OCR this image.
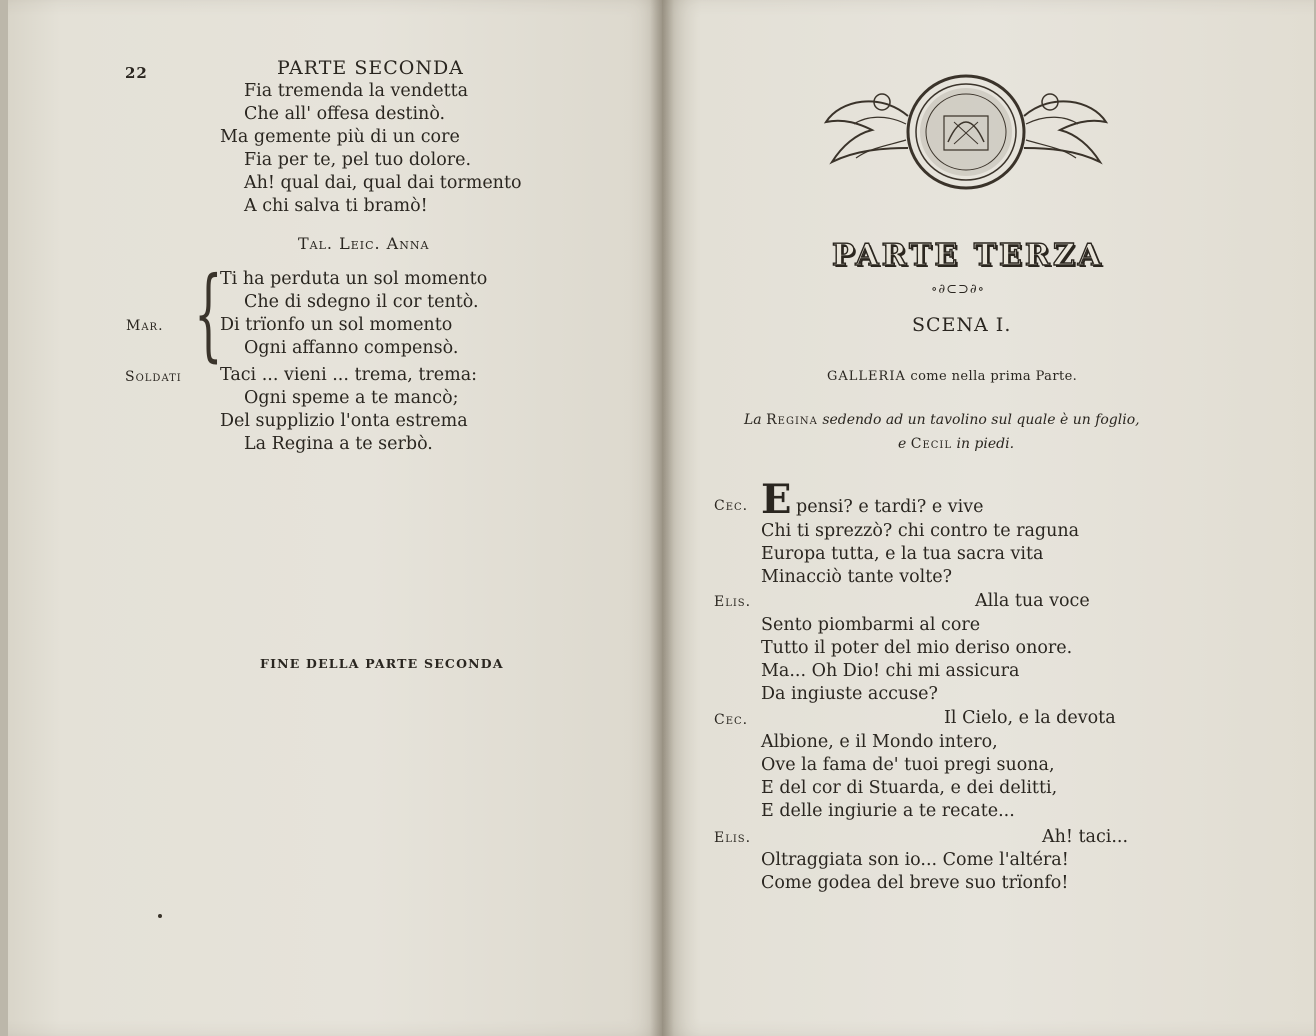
22	PARTE SECONDA
Fia tremenda la vendetta
Che all' offesa destinò.
Ma gemente più di un core
Fia per te, pel tuo dolore.
Ah! qual dai, qual dai tormento
A chi salva ti bramò!
Tal. Leic. Anna
{
Mar.
Ti ha perduta un sol momento
Che di sdegno il cor tentò.
Di trïonfo un sol momento
Ogni affanno compensò.
Soldati Taci ... vieni ... trema, trema:
Ogni speme a te mancò;
Del supplizio l'onta estrema
La Regina a te serbò.
FINE DELLA PARTE SECONDA
PARTE TERZA
∘∂⊂⊃∂∘
SCENA I.
GALLERIA come nella prima Parte.
La Regina sedendo ad un tavolino sul quale è un foglio,
e Cecil in piedi.
Cec. E pensi? e tardi? e vive
Chi ti sprezzò? chi contro te raguna
Europa tutta, e la tua sacra vita
Minacciò tante volte?
Elis.	Alla tua voce
Sento piombarmi al core
Tutto il poter del mio deriso onore.
Ma... Oh Dio! chi mi assicura
Da ingiuste accuse?
Cec.	Il Cielo, e la devota
Albione, e il Mondo intero,
Ove la fama de' tuoi pregi suona,
E del cor di Stuarda, e dei delitti,
E delle ingiurie a te recate...
Elis.	Ah! taci...
Oltraggiata son io... Come l'altéra!
Come godea del breve suo trïonfo!
